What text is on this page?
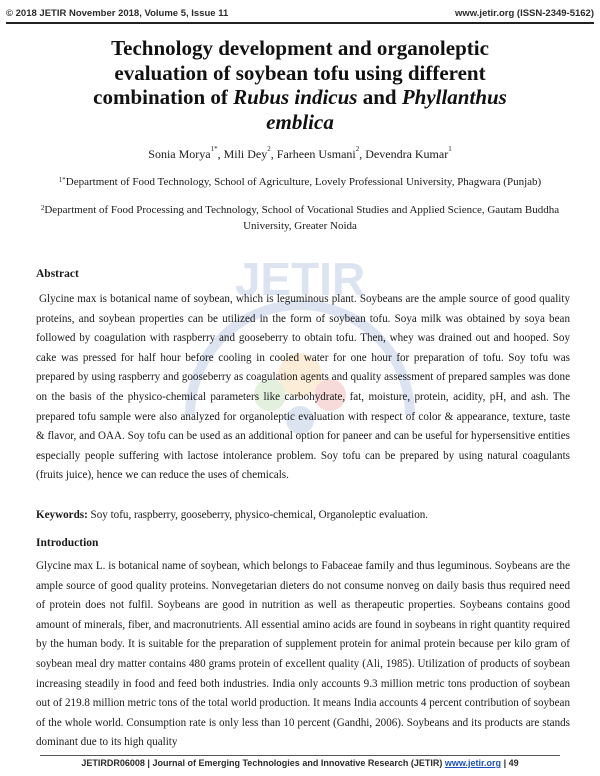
© 2018 JETIR November 2018, Volume 5, Issue 11	www.jetir.org (ISSN-2349-5162)
JETIR
Technology development and organoleptic
evaluation of soybean tofu using different
combination of Rubus indicus and Phyllanthus
emblica
Sonia Morya$^{1*}$, Mili Dey$^2$, Farheen Usmani$^2$, Devendra Kumar$^1$
$^{1*}$Department of Food Technology, School of Agriculture, Lovely Professional University, Phagwara (Punjab)
$^2$Department of Food Processing and Technology, School of Vocational Studies and Applied Science, Gautam Buddha University, Greater Noida
Abstract
Glycine max is botanical name of soybean, which is leguminous plant. Soybeans are the ample source of good quality proteins, and soybean properties can be utilized in the form of soybean tofu. Soya milk was obtained by soya bean followed by coagulation with raspberry and gooseberry to obtain tofu. Then, whey was drained out and hooped. Soy cake was pressed for half hour before cooling in cooled water for one hour for preparation of tofu. Soy tofu was prepared by using raspberry and gooseberry as coagulation agents and quality assessment of prepared samples was done on the basis of the physico-chemical parameters like carbohydrate, fat, moisture, protein, acidity, pH, and ash. The prepared tofu sample were also analyzed for organoleptic evaluation with respect of color & appearance, texture, taste & flavor, and OAA. Soy tofu can be used as an additional option for paneer and can be useful for hypersensitive entities especially people suffering with lactose intolerance problem. Soy tofu can be prepared by using natural coagulants (fruits juice), hence we can reduce the uses of chemicals.
Keywords: Soy tofu, raspberry, gooseberry, physico-chemical, Organoleptic evaluation.
Introduction
Glycine max L. is botanical name of soybean, which belongs to Fabaceae family and thus leguminous. Soybeans are the ample source of good quality proteins. Nonvegetarian dieters do not consume nonveg on daily basis thus required need of protein does not fulfil. Soybeans are good in nutrition as well as therapeutic properties. Soybeans contains good amount of minerals, fiber, and macronutrients. All essential amino acids are found in soybeans in right quantity required by the human body. It is suitable for the preparation of supplement protein for animal protein because per kilo gram of soybean meal dry matter contains 480 grams protein of excellent quality (Ali, 1985). Utilization of products of soybean increasing steadily in food and feed both industries. India only accounts 9.3 million metric tons production of soybean out of 219.8 million metric tons of the total world production. It means India accounts 4 percent contribution of soybean of the whole world. Consumption rate is only less than 10 percent (Gandhi, 2006). Soybeans and its products are stands dominant due to its high quality
JETIRDR06008 | Journal of Emerging Technologies and Innovative Research (JETIR) www.jetir.org | 49
